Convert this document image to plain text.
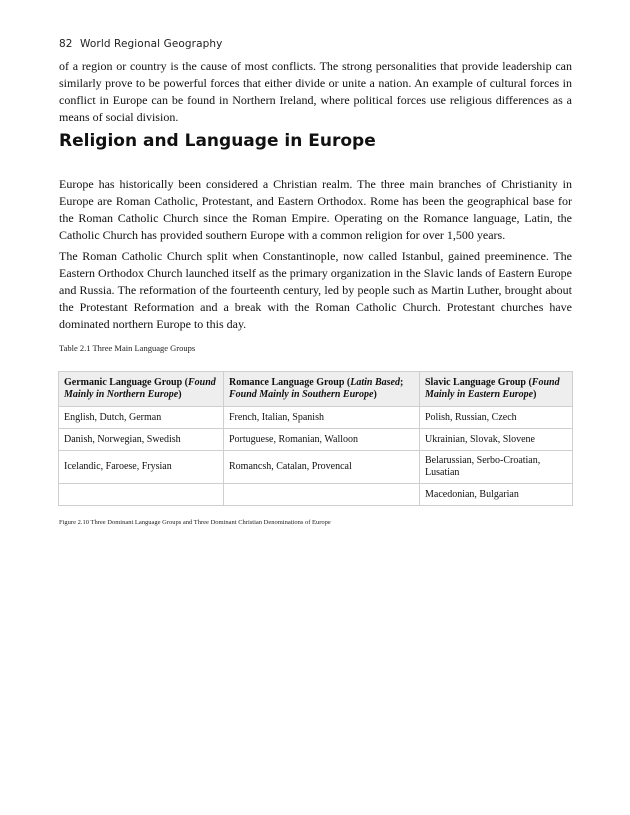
82 World Regional Geography

of a region or country is the cause of most conflicts. The strong personalities that provide leadership can similarly prove to be powerful forces that either divide or unite a nation. An example of cultural forces in conflict in Europe can be found in Northern Ireland, where political forces use religious differences as a means of social division.

Religion and Language in Europe

Europe has historically been considered a Christian realm. The three main branches of Christianity in Europe are Roman Catholic, Protestant, and Eastern Orthodox. Rome has been the geographical base for the Roman Catholic Church since the Roman Empire. Operating on the Romance language, Latin, the Catholic Church has provided southern Europe with a common religion for over 1,500 years.

The Roman Catholic Church split when Constantinople, now called Istanbul, gained preeminence. The Eastern Orthodox Church launched itself as the primary organization in the Slavic lands of Eastern Europe and Russia. The reformation of the fourteenth century, led by people such as Martin Luther, brought about the Protestant Reformation and a break with the Roman Catholic Church. Protestant churches have dominated northern Europe to this day.

Table 2.1 Three Main Language Groups
Germanic Language Group (Found Mainly in Northern Europe)	Romance Language Group (Latin Based; Found Mainly in Southern Europe)	Slavic Language Group (Found Mainly in Eastern Europe)
English, Dutch, German	French, Italian, Spanish	Polish, Russian, Czech
Danish, Norwegian, Swedish	Portuguese, Romanian, Walloon	Ukrainian, Slovak, Slovene
Icelandic, Faroese, Frysian	Romancsh, Catalan, Provencal	Belarussian, Serbo-Croatian, Lusatian
		Macedonian, Bulgarian
Figure 2.10 Three Dominant Language Groups and Three Dominant Christian Denominations of Europe
